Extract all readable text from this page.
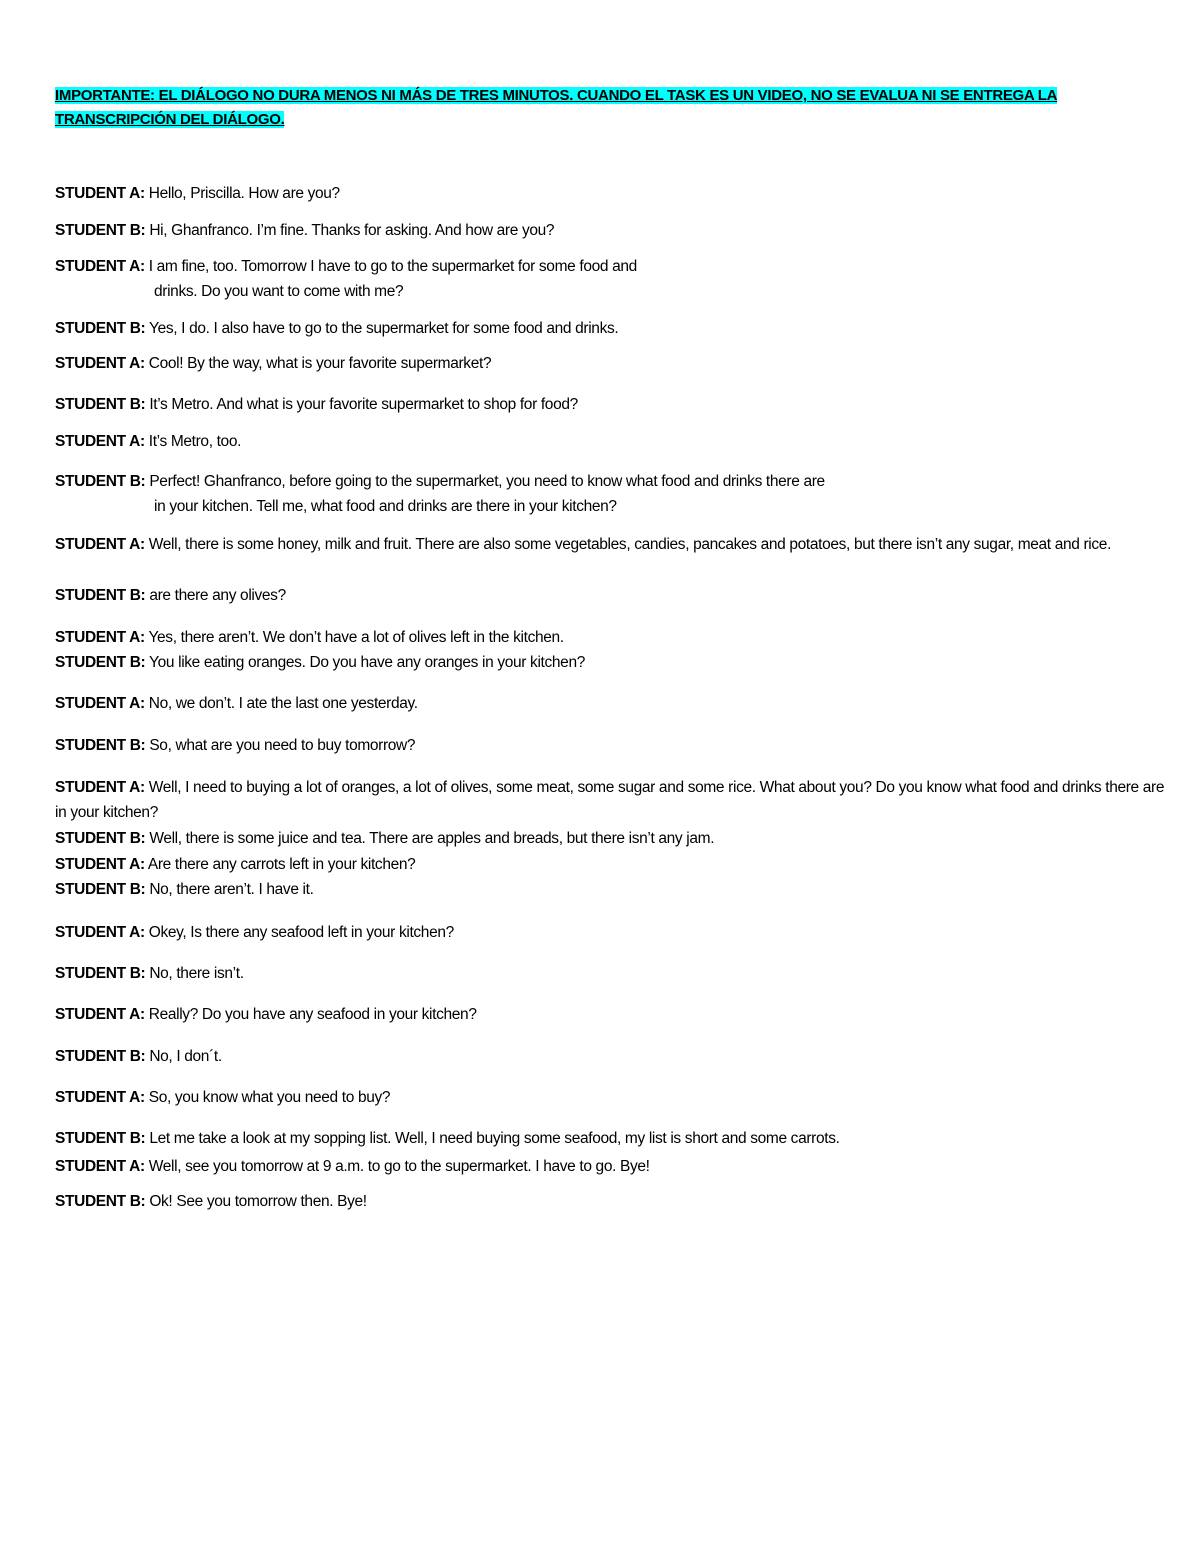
IMPORTANTE: EL DIÁLOGO NO DURA MENOS NI MÁS DE TRES MINUTOS. CUANDO EL TASK ES UN VIDEO, NO SE EVALUA NI SE ENTREGA LA TRANSCRIPCIÓN DEL DIÁLOGO.
STUDENT A: Hello, Priscilla. How are you?
STUDENT B: Hi, Ghanfranco. I’m fine. Thanks for asking. And how are you?
STUDENT A: I am fine, too. Tomorrow I have to go to the supermarket for some food and
drinks. Do you want to come with me?
STUDENT B: Yes, I do. I also have to go to the supermarket for some food and drinks.
STUDENT A: Cool! By the way, what is your favorite supermarket?
STUDENT B: It’s Metro. And what is your favorite supermarket to shop for food?
STUDENT A: It’s Metro, too.
STUDENT B: Perfect! Ghanfranco, before going to the supermarket, you need to know what food and drinks there are
in your kitchen. Tell me, what food and drinks are there in your kitchen?
STUDENT A: Well, there is some honey, milk and fruit. There are also some vegetables, candies, pancakes and potatoes, but there isn’t any sugar, meat and rice.
STUDENT B: are there any olives?
STUDENT A: Yes, there aren’t. We don’t have a lot of olives left in the kitchen.
STUDENT B: You like eating oranges. Do you have any oranges in your kitchen?
STUDENT A: No, we don’t. I ate the last one yesterday.
STUDENT B: So, what are you need to buy tomorrow?
STUDENT A: Well, I need to buying a lot of oranges, a lot of olives, some meat, some sugar and some rice. What about you? Do you know what food and drinks there are in your kitchen?
STUDENT B: Well, there is some juice and tea. There are apples and breads, but there isn’t any jam.
STUDENT A: Are there any carrots left in your kitchen?
STUDENT B: No, there aren’t. I have it.
STUDENT A: Okey, Is there any seafood left in your kitchen?
STUDENT B: No, there isn’t.
STUDENT A: Really? Do you have any seafood in your kitchen?
STUDENT B: No, I don´t.
STUDENT A: So, you know what you need to buy?
STUDENT B: Let me take a look at my sopping list. Well, I need buying some seafood, my list is short and some carrots.
STUDENT A: Well, see you tomorrow at 9 a.m. to go to the supermarket. I have to go. Bye!
STUDENT B: Ok! See you tomorrow then. Bye!
